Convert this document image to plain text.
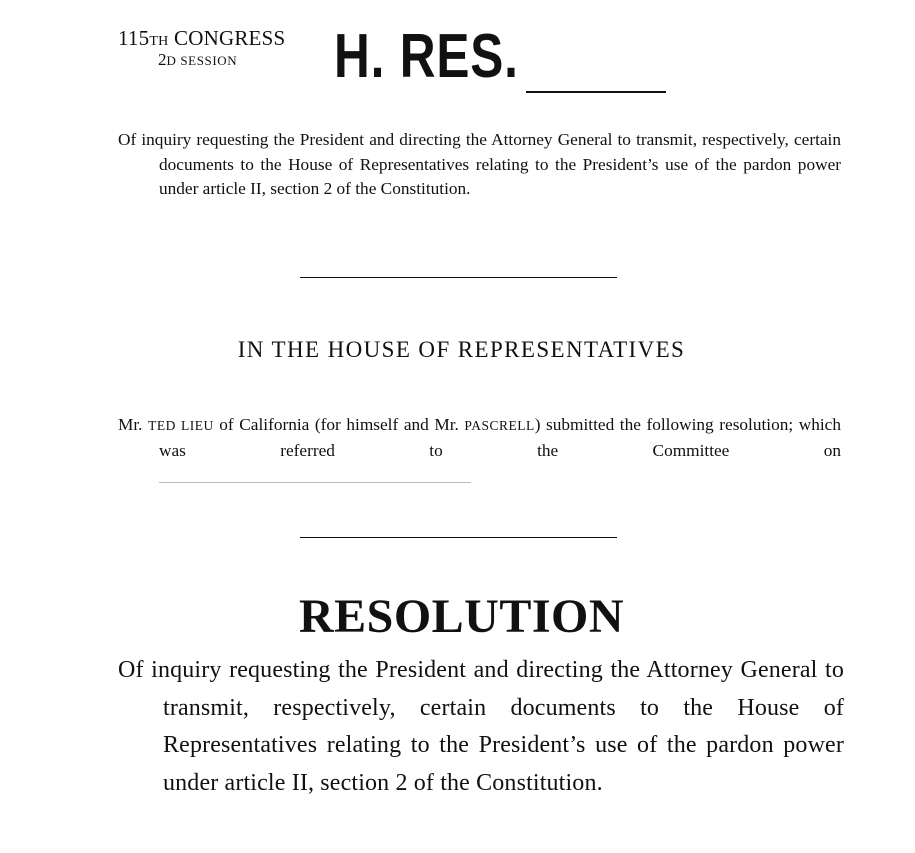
115TH CONGRESS
2D SESSION H. RES.
Of inquiry requesting the President and directing the Attorney General to transmit, respectively, certain documents to the House of Representatives relating to the President’s use of the pardon power under article II, section 2 of the Constitution.
IN THE HOUSE OF REPRESENTATIVES
Mr. TED LIEU of California (for himself and Mr. PASCRELL) submitted the following resolution; which was referred to the Committee on
RESOLUTION
Of inquiry requesting the President and directing the Attorney General to transmit, respectively, certain documents to the House of Representatives relating to the President’s use of the pardon power under article II, section 2 of the Constitution.
